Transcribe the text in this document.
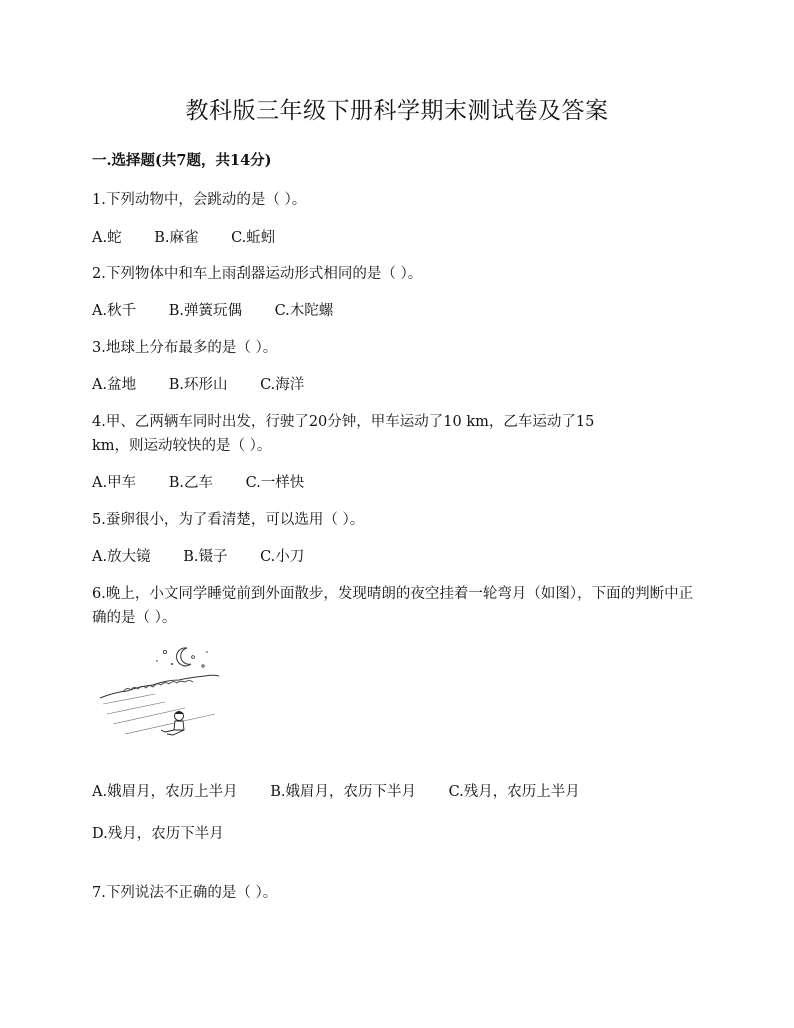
教科版三年级下册科学期末测试卷及答案
一.选择题(共7题，共14分)
1.下列动物中，会跳动的是（ ）。
A.蛇 B.麻雀 C.蚯蚓
2.下列物体中和车上雨刮器运动形式相同的是（ ）。
A.秋千 B.弹簧玩偶 C.木陀螺
3.地球上分布最多的是（ ）。
A.盆地 B.环形山 C.海洋
4.甲、乙两辆车同时出发，行驶了20分钟，甲车运动了10 km，乙车运动了15 km，则运动较快的是（ ）。
A.甲车 B.乙车 C.一样快
5.蚕卵很小，为了看清楚，可以选用（ ）。
A.放大镜 B.镊子 C.小刀
6.晚上，小文同学睡觉前到外面散步，发现晴朗的夜空挂着一轮弯月（如图），下面的判断中正确的是（ ）。
A.娥眉月，农历上半月 B.娥眉月，农历下半月 C.残月，农历上半月
D.残月，农历下半月
7.下列说法不正确的是（ ）。
